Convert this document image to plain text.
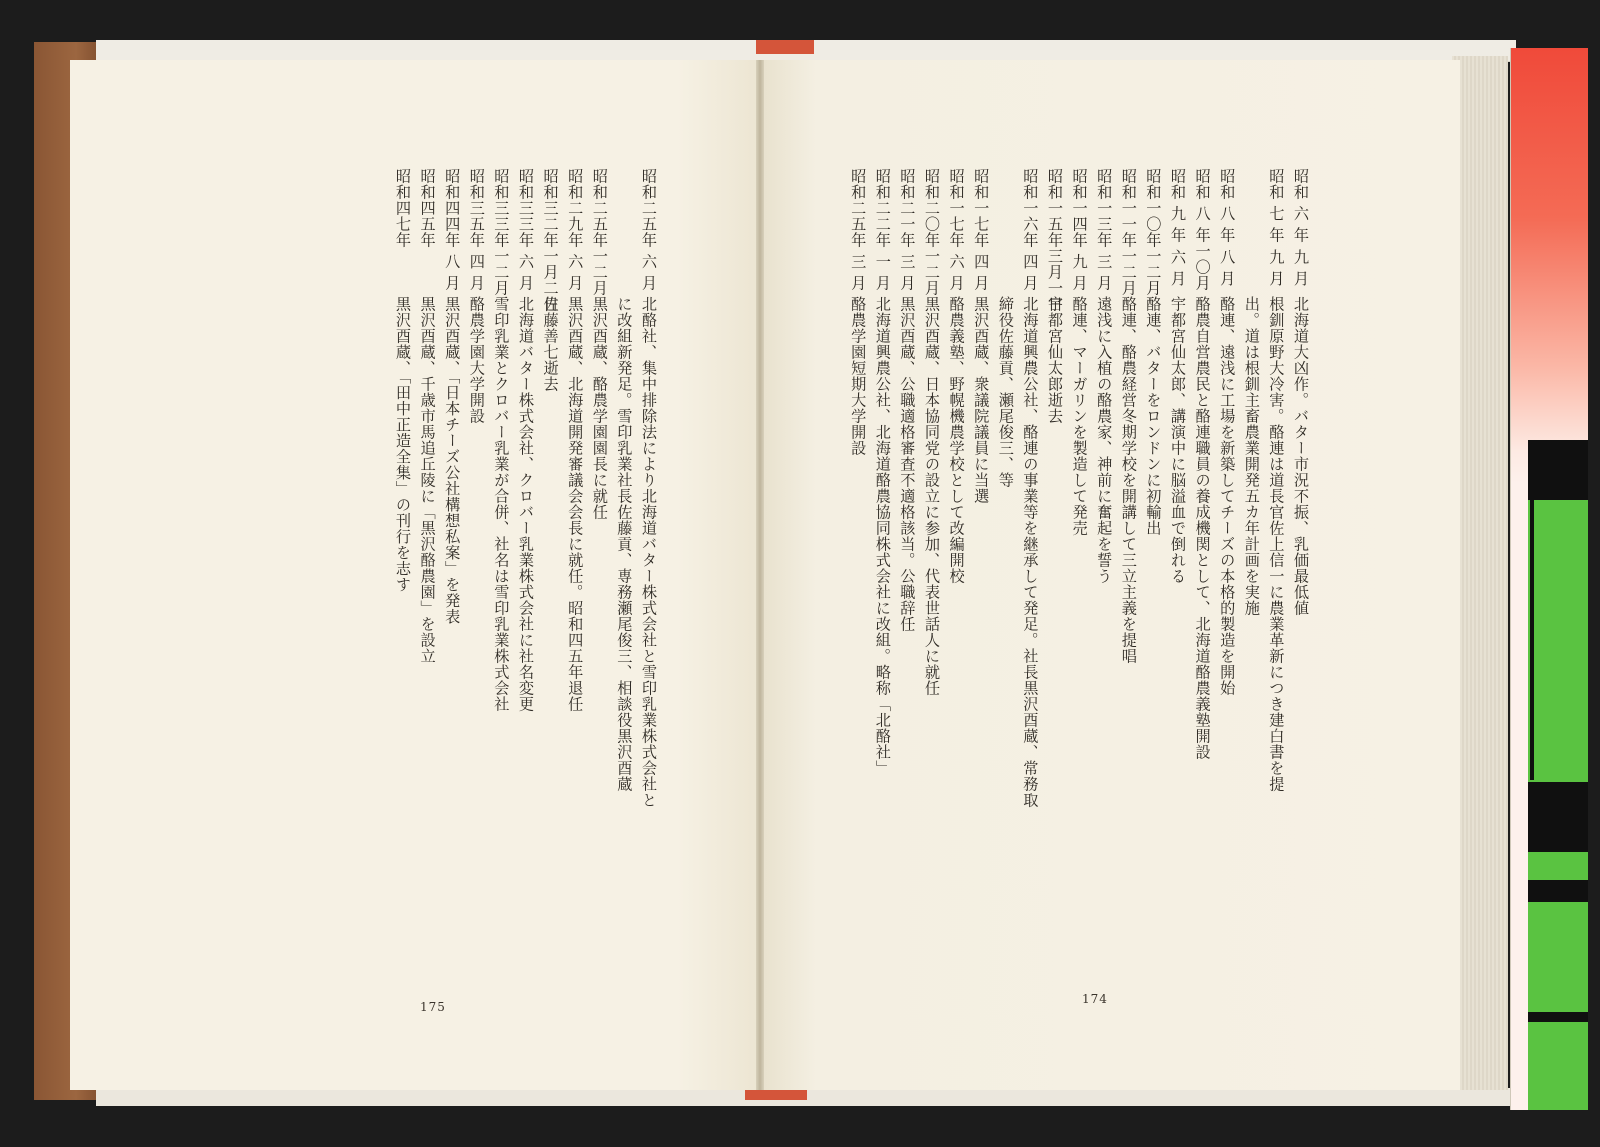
昭和二五年 六 月
北酪社、集中排除法により北海道バター株式会社と雪印乳業株式会社と
に改組新発足。雪印乳業社長佐藤貢、専務瀬尾俊三、相談役黒沢酉蔵
昭和二五年一二月
黒沢酉蔵、酪農学園園長に就任
昭和二九年 六 月
黒沢酉蔵、北海道開発審議会会長に就任。昭和四五年退任
昭和三二年一月二日
佐藤善七逝去
昭和三三年 六 月
北海道バター株式会社、クロバー乳業株式会社に社名変更
昭和三三年一二月
雪印乳業とクロバー乳業が合併、社名は雪印乳業株式会社
昭和三五年 四 月
酪農学園大学開設
昭和四四年 八 月
黒沢酉蔵、「日本チーズ公社構想私案」を発表
昭和四五年
黒沢酉蔵、千歳市馬追丘陵に「黒沢酪農園」を設立
昭和四七年
黒沢酉蔵、「田中正造全集」の刊行を志す
175
昭和 六 年 九 月
北海道大凶作。バター市況不振、乳価最低値
昭和 七 年 九 月
根釧原野大冷害。酪連は道長官佐上信一に農業革新につき建白書を提
出。道は根釧主畜農業開発五カ年計画を実施
昭和 八 年 八 月
酪連、遠浅に工場を新築してチーズの本格的製造を開始
昭和 八 年一〇月
酪農自営農民と酪連職員の養成機関として、北海道酪農義塾開設
昭和 九 年 六 月
宇都宮仙太郎、講演中に脳溢血で倒れる
昭和一〇年一二月
酪連、バターをロンドンに初輸出
昭和一一年一二月
酪連、酪農経営冬期学校を開講して三立主義を提唱
昭和一三年 三 月
遠浅に入植の酪農家、神前に奮起を誓う
昭和一四年 九 月
酪連、マーガリンを製造して発売
昭和一五年三月一日
宇都宮仙太郎逝去
昭和一六年 四 月
北海道興農公社、酪連の事業等を継承して発足。社長黒沢酉蔵、常務取
締役佐藤貢、瀬尾俊三、等
昭和一七年 四 月
黒沢酉蔵、衆議院議員に当選
昭和一七年 六 月
酪農義塾、野幌機農学校として改編開校
昭和二〇年一二月
黒沢酉蔵、日本協同党の設立に参加、代表世話人に就任
昭和二一年 三 月
黒沢酉蔵、公職適格審査不適格該当。公職辞任
昭和二二年 一 月
北海道興農公社、北海道酪農協同株式会社に改組。略称「北酪社」
昭和二五年 三 月
酪農学園短期大学開設
174
